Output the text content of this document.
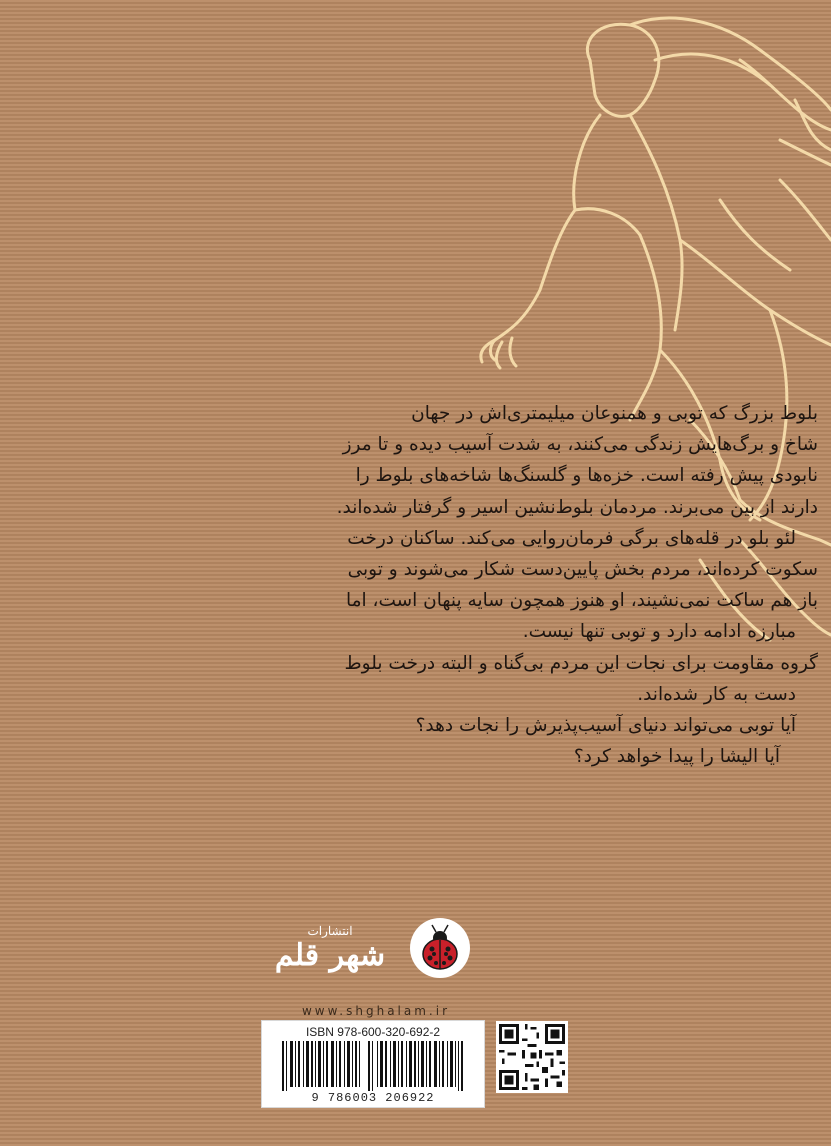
بلوط بزرگ که توبی و همنوعان میلیمتری‌اش در جهان
شاخ و برگ‌هایش زندگی می‌کنند، به شدت آسیب دیده و تا مرز
نابودی پیش رفته است. خزه‌ها و گلسنگ‌ها شاخه‌های بلوط را
دارند از بین می‌برند. مردمان بلوط‌نشین اسیر و گرفتار شده‌اند.
لئو بلو در قله‌های برگی فرمان‌روایی می‌کند. ساکنان درخت
سکوت کرده‌اند، مردم بخش پایین‌دست شکار می‌شوند و توبی
باز هم ساکت نمی‌نشیند، او هنوز همچون سایه پنهان است، اما
مبارزه ادامه دارد و توبی تنها نیست.
گروه مقاومت برای نجات این مردم بی‌گناه و البته درخت بلوط
دست به کار شده‌اند.
آیا توبی می‌تواند دنیای آسیب‌پذیرش را نجات دهد؟
آیا الیشا را پیدا خواهد کرد؟
انتشارات
شهر قلم
www.shghalam.ir
ISBN 978-600-320-692-2
9 786003 206922
